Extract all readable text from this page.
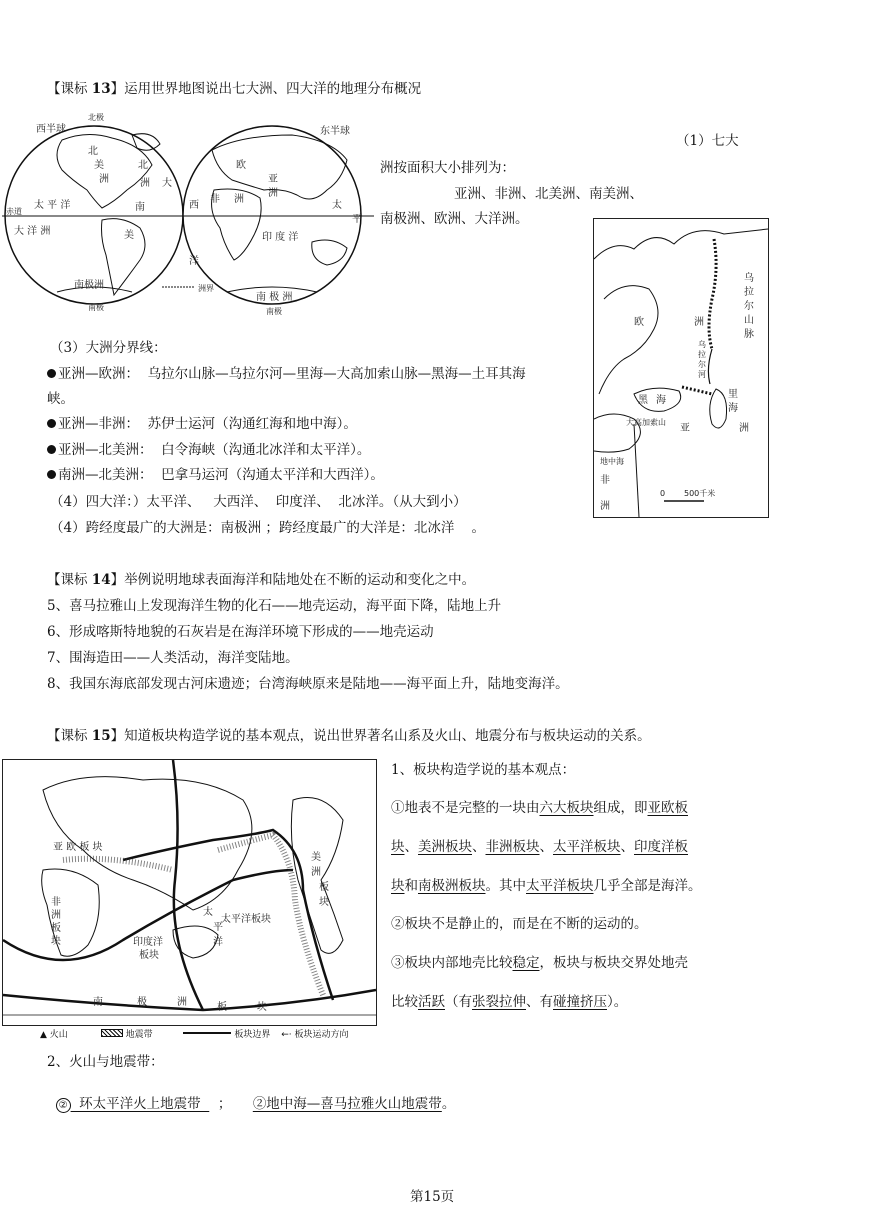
【课标 13】运用世界地图说出七大洲、四大洋的地理分布概况
西半球
北极
东半球
北
美
洲
北
大
太 平 洋
赤道
西
洋
南
美
大 洋 洲
南极洲
南极
非 洲
亚
洲
欧
印 度 洋
太
平
南 极 洲
南极
洲界
洲
（1）七大
洲按面积大小排列为：
亚洲、非洲、北美洲、南美洲、
南极洲、欧洲、大洋洲。
乌
拉
尔
山
脉
欧	洲
乌
拉
尔
河
里
海
黑 海
大高加索山
亚	洲
地中海
非
洲
0 500千米
（3）大洲分界线：
亚洲—欧洲： 乌拉尔山脉—乌拉尔河—里海—大高加索山脉—黑海—土耳其海
峡。
亚洲—非洲： 苏伊士运河（沟通红海和地中海）。
亚洲—北美洲： 白令海峡（沟通北冰洋和太平洋）。
南洲—北美洲： 巴拿马运河（沟通太平洋和大西洋）。
（4）四大洋：）太平洋、   大西洋、  印度洋、  北冰洋。（从大到小）
（4）跨经度最广的大洲是：南极洲 ；跨经度最广的大洋是：北冰洋    。
【课标 14】举例说明地球表面海洋和陆地处在不断的运动和变化之中。
5、喜马拉雅山上发现海洋生物的化石——地壳运动，海平面下降，陆地上升
6、形成喀斯特地貌的石灰岩是在海洋环境下形成的——地壳运动
7、围海造田——人类活动，海洋变陆地。
8、我国东海底部发现古河床遗迹；台湾海峡原来是陆地——海平面上升，陆地变海洋。
【课标 15】知道板块构造学说的基本观点，说出世界著名山系及火山、地震分布与板块运动的关系。
亚 欧 板 块
非
洲
板
块	印度洋
板块
太
平
洋
太平洋板块
美
洲
板
块
南	极	洲	板	块
▲ 火山	地震带	板块边界 ←· 板块运动方向
1、板块构造学说的基本观点：
①地表不是完整的一块由六大板块组成，即亚欧板
块、美洲板块、非洲板块、太平洋板块、印度洋板
块和南极洲板块。其中太平洋板块几乎全部是海洋。
②板块不是静止的，而是在不断的运动的。
③板块内部地壳比较稳定，板块与板块交界处地壳
比较活跃（有张裂拉伸、有碰撞挤压）。
2、火山与地震带：

②  环太平洋火上地震带    ；     ②地中海—喜马拉雅火山地震带。

第15页
